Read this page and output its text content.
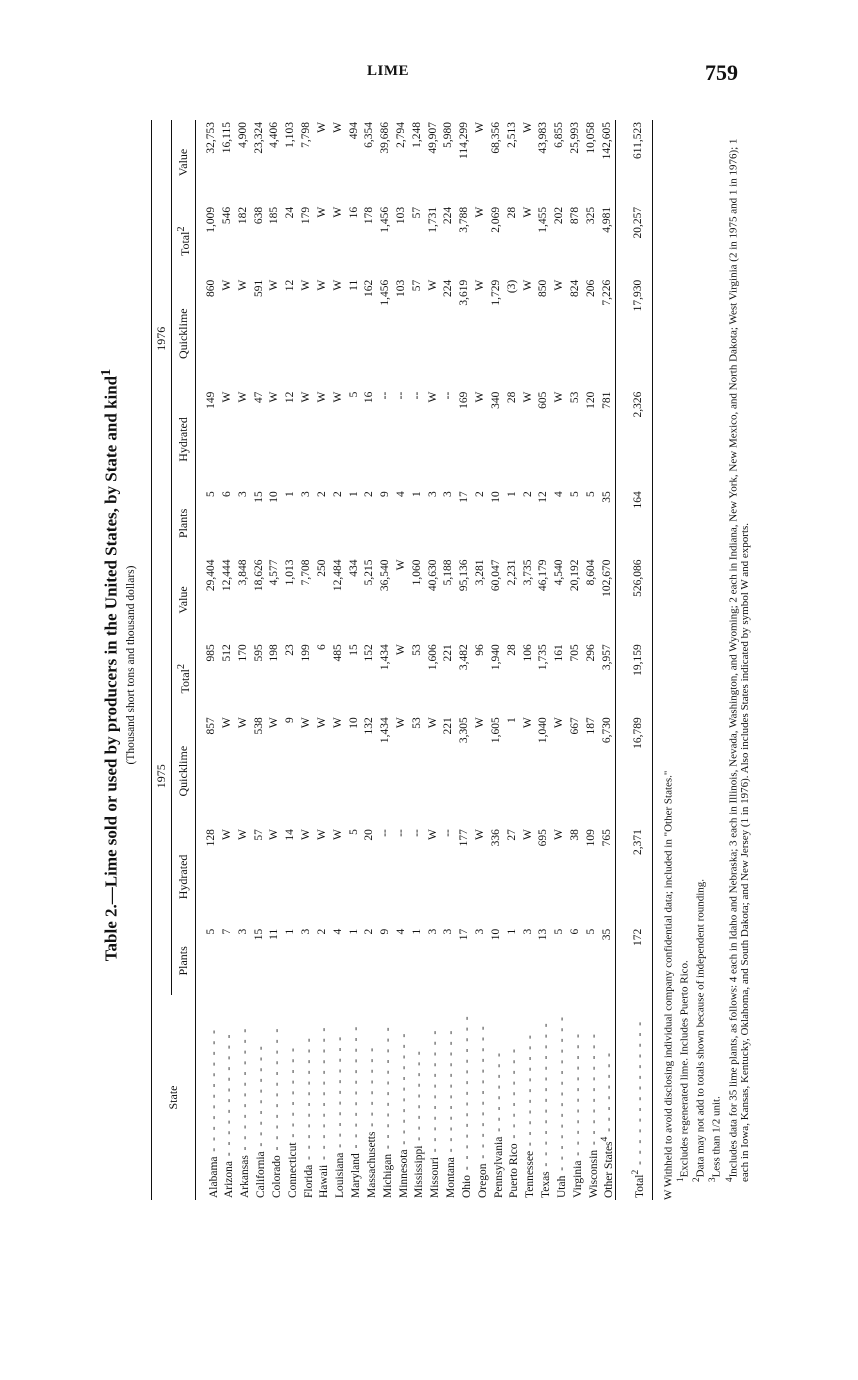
LIME	759
Table 2.—Lime sold or used by producers in the United States, by State and kind$^1$
(Thousand short tons and thousand dollars)
State	1975					1976				
	Plants	Hydrated	Quicklime	Total$^2$	Value	Plants	Hydrated	Quicklime	Total$^2$	Value
Alabama - - - - - - - - - - - -	5	128	857	985	29,404	5	149	860	1,009	32,753
Arizona - - - - - - - - - - - -	7	W	W	512	12,444	6	W	W	546	16,115
Arkansas - - - - - - - - - - - -	3	W	W	170	3,848	3	W	W	182	4,900
California - - - - - - - - - -	15	57	538	595	18,626	15	47	591	638	23,324
Colorado - - - - - - - - - - - -	11	W	W	198	4,577	10	W	W	185	4,406
Connecticut - - - - - - - - -	1	14	9	23	1,013	1	12	12	24	1,103
Florida - - - - - - - - - - - -	3	W	W	199	7,708	3	W	W	179	7,798
Hawaii - - - - - - - - - - - - -	2	W	W	6	250	2	W	W	W	W
Louisiana - - - - - - - - - - -	4	W	W	485	12,484	2	W	W	W	W
Maryland - - - - - - - - - - - -	1	5	10	15	434	1	5	11	16	494
Massachusetts - - - - - - - -	2	20	132	152	5,215	2	16	162	178	6,354
Michigan - - - - - - - - - - - -	9	--	1,434	1,434	36,540	9	--	1,456	1,456	39,686
Minnesota - - - - - - - - - - -	4	--	W	W	W	4	--	103	103	2,794
Mississippi - - - - - - - - -	1	--	53	53	1,060	1	--	57	57	1,248
Missouri - - - - - - - - - - - -	3	W	W	1,606	40,630	3	W	W	1,731	49,907
Montana - - - - - - - - - - - -	3	--	221	221	5,188	3	--	224	224	5,980
Ohio - - - - - - - - - - - - - - -	17	177	3,305	3,482	95,136	17	169	3,619	3,788	114,299
Oregon - - - - - - - - - - - - -	3	W	W	96	3,281	2	W	W	W	W
Pennsylvania - - - - - - - -	10	336	1,605	1,940	60,047	10	340	1,729	2,069	68,356
Puerto Rico - - - - - - - - -	1	27	1	28	2,231	1	28	(3)	28	2,513
Tennessee - - - - - - - - - - -	3	W	W	106	3,735	2	W	W	W	W
Texas - - - - - - - - - - - - - -	13	695	1,040	1,735	46,179	12	605	850	1,455	43,983
Utah - - - - - - - - - - - - - - -	5	W	W	161	4,540	4	W	W	202	6,855
Virginia - - - - - - - - - - - -	6	38	667	705	20,192	5	53	824	878	25,993
Wisconsin - - - - - - - - - - -	5	109	187	296	8,604	5	120	206	325	10,058
Other States$^4$ - - - - - - - -	35	765	6,730	3,957	102,670	35	781	7,226	4,981	142,605
Total$^2$ - - - - - - - - - - - - - -	172	2,371	16,789	19,159	526,086	164	2,326	17,930	20,257	611,523

W Withheld to avoid disclosing individual company confidential data; included in "Other States." $^1$Excludes regenerated lime. Includes Puerto Rico.

$^2$Data may not add to totals shown because of independent rounding.

$^3$Less than 1/2 unit.

$^4$Includes data for 35 lime plants, as follows: 4 each in Idaho and Nebraska; 3 each in Illinois, Nevada, Washington, and Wyoming; 2 each in Indiana, New York, New Mexico, and North Dakota; West Virginia (2 in 1975 and 1 in 1976); 1 each in Iowa, Kansas, Kentucky, Oklahoma, and South Dakota; and New Jersey (1 in 1976). Also includes States indicated by symbol W and exports.
